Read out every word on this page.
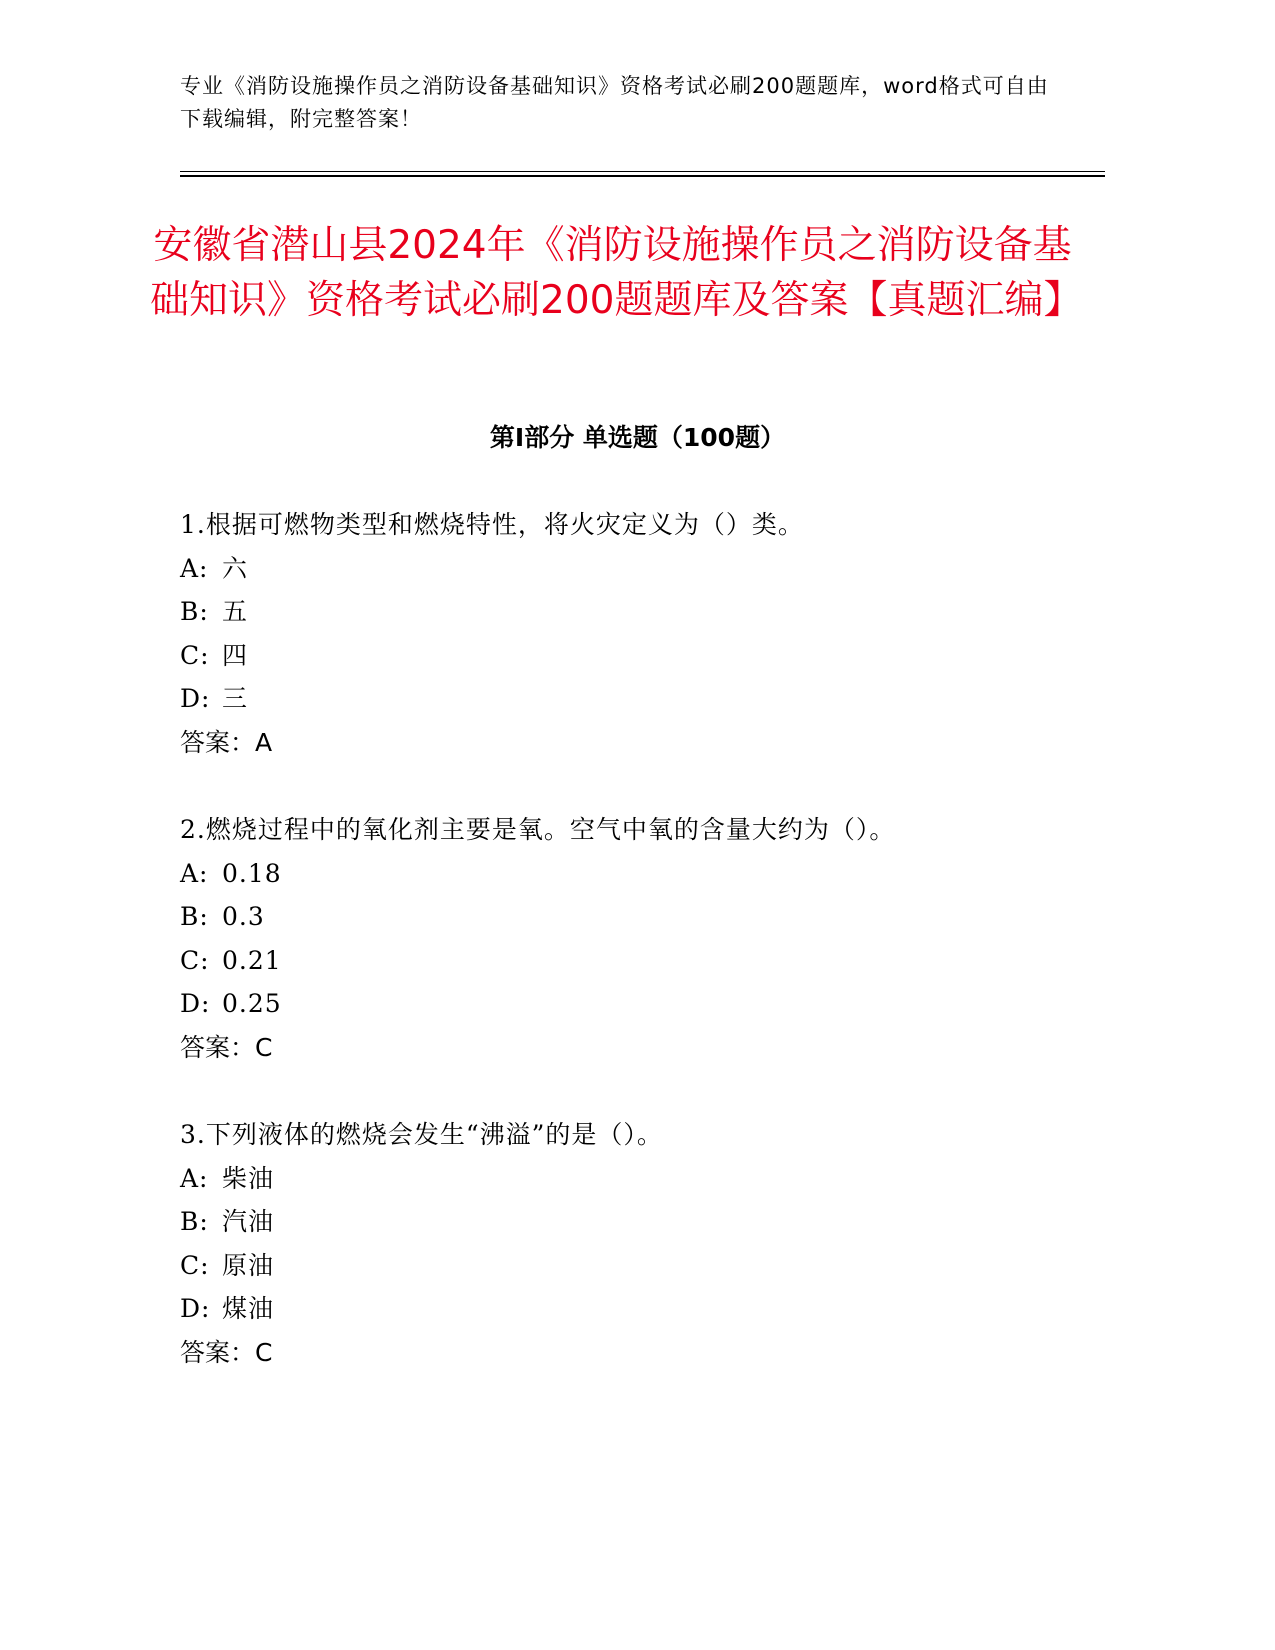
专业《消防设施操作员之消防设备基础知识》资格考试必刷200题题库，word格式可自由下载编辑，附完整答案！
安徽省潜山县2024年《消防设施操作员之消防设备基础知识》资格考试必刷200题题库及答案【真题汇编】
第I部分 单选题（100题）
1.根据可燃物类型和燃烧特性，将火灾定义为（）类。
A: 六
B: 五
C: 四
D: 三
答案：A
2.燃烧过程中的氧化剂主要是氧。空气中氧的含量大约为（）。
A: 0.18
B: 0.3
C: 0.21
D: 0.25
答案：C
3.下列液体的燃烧会发生“沸溢”的是（）。
A: 柴油
B: 汽油
C: 原油
D: 煤油
答案：C
